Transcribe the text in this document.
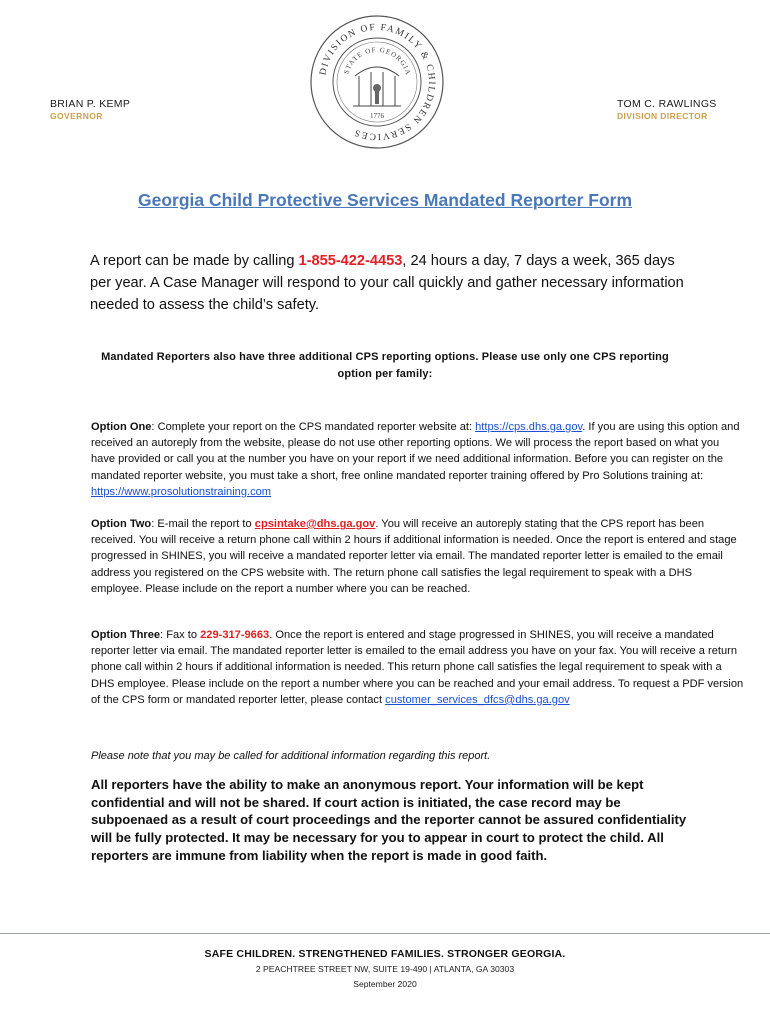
DIVISION OF FAMILY & CHILDREN SERVICES
STATE OF GEORGIA
1776
BRIAN P. KEMP
GOVERNOR
TOM C. RAWLINGS
DIVISION DIRECTOR
Georgia Child Protective Services Mandated Reporter Form
A report can be made by calling 1-855-422-4453, 24 hours a day, 7 days a week, 365 days per year. A Case Manager will respond to your call quickly and gather necessary information needed to assess the child’s safety.
Mandated Reporters also have three additional CPS reporting options. Please use only one CPS reporting option per family:
Option One: Complete your report on the CPS mandated reporter website at: https://cps.dhs.ga.gov. If you are using this option and received an autoreply from the website, please do not use other reporting options. We will process the report based on what you have provided or call you at the number you have on your report if we need additional information. Before you can register on the mandated reporter website, you must take a short, free online mandated reporter training offered by Pro Solutions training at: https://www.prosolutionstraining.com
Option Two: E-mail the report to cpsintake@dhs.ga.gov. You will receive an autoreply stating that the CPS report has been received. You will receive a return phone call within 2 hours if additional information is needed. Once the report is entered and stage progressed in SHINES, you will receive a mandated reporter letter via email. The mandated reporter letter is emailed to the email address you registered on the CPS website with. The return phone call satisfies the legal requirement to speak with a DHS employee. Please include on the report a number where you can be reached.
Option Three: Fax to 229-317-9663. Once the report is entered and stage progressed in SHINES, you will receive a mandated reporter letter via email. The mandated reporter letter is emailed to the email address you have on your fax. You will receive a return phone call within 2 hours if additional information is needed. This return phone call satisfies the legal requirement to speak with a DHS employee. Please include on the report a number where you can be reached and your email address. To request a PDF version of the CPS form or mandated reporter letter, please contact customer_services_dfcs@dhs.ga.gov
Please note that you may be called for additional information regarding this report.
All reporters have the ability to make an anonymous report. Your information will be kept confidential and will not be shared. If court action is initiated, the case record may be subpoenaed as a result of court proceedings and the reporter cannot be assured confidentiality will be fully protected. It may be necessary for you to appear in court to protect the child. All reporters are immune from liability when the report is made in good faith.
SAFE CHILDREN. STRENGTHENED FAMILIES. STRONGER GEORGIA.
2 PEACHTREE STREET NW, SUITE 19-490 | ATLANTA, GA 30303
September 2020
